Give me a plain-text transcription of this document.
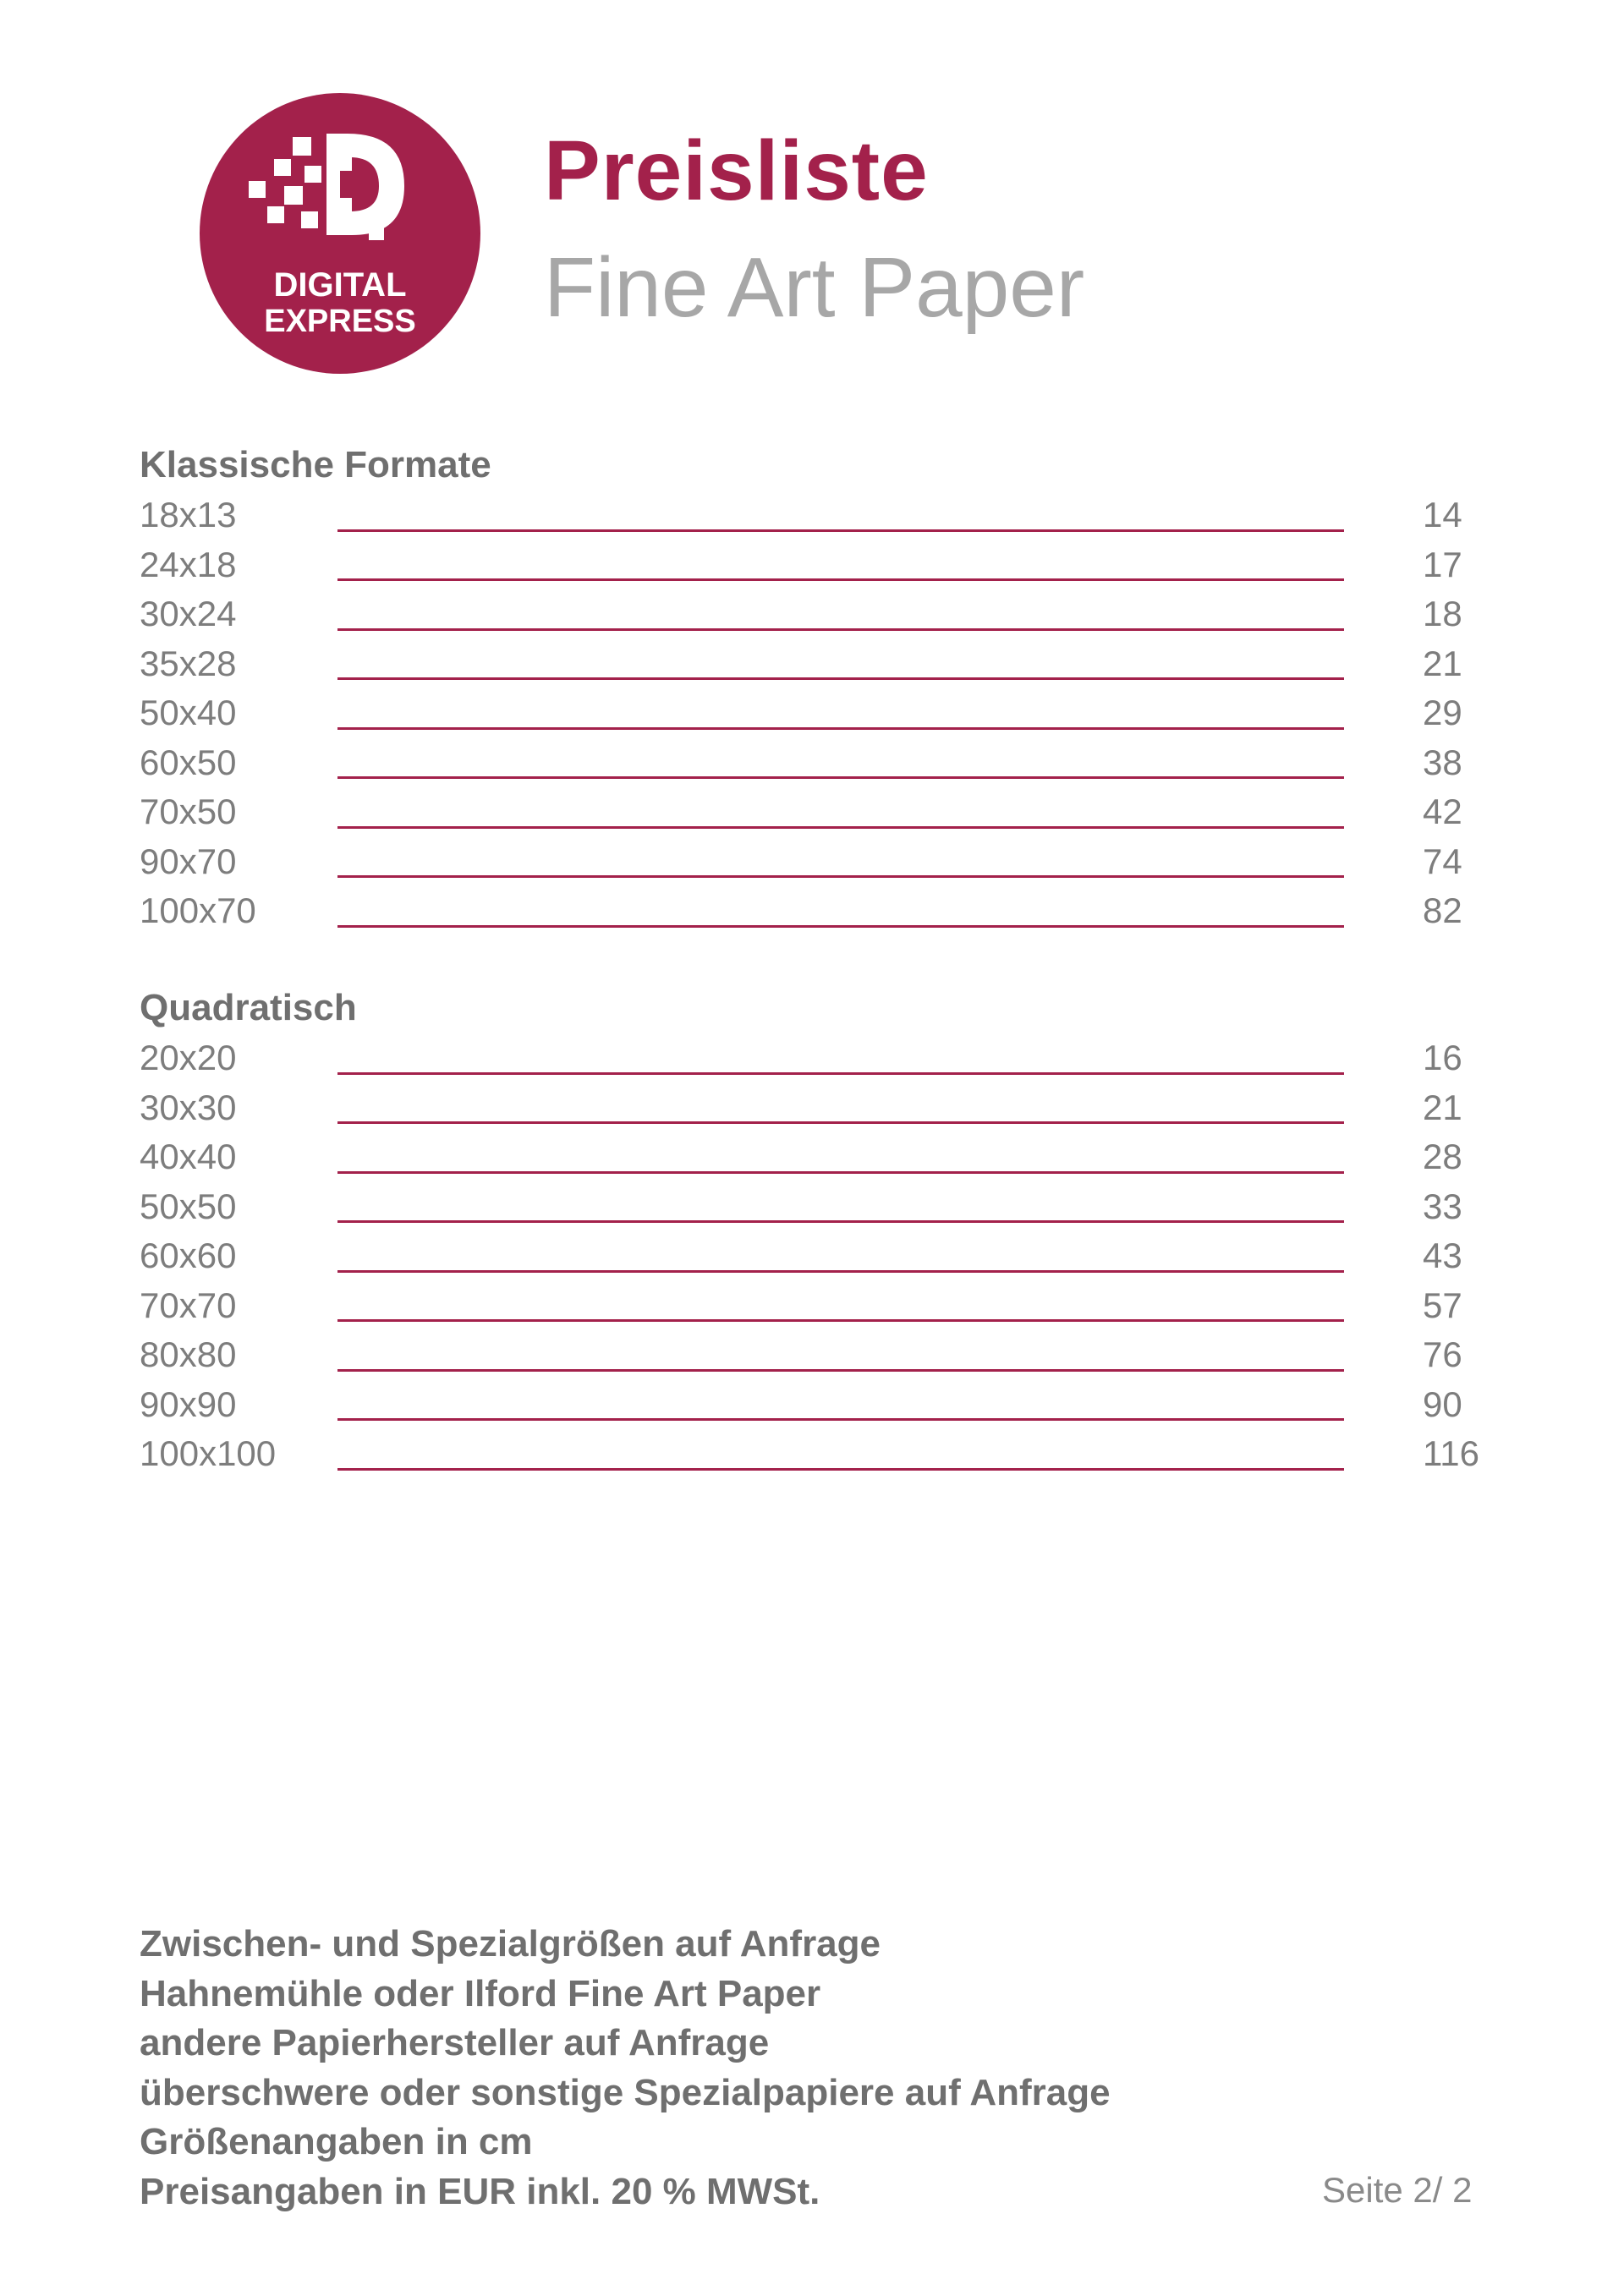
DIGITAL
EXPRESS
Preisliste
Fine Art Paper
Klassische Formate
18x13	14
24x18	17
30x24	18
35x28	21
50x40	29
60x50	38
70x50	42
90x70	74
100x70	82
Quadratisch
20x20	16
30x30	21
40x40	28
50x50	33
60x60	43
70x70	57
80x80	76
90x90	90
100x100	116
Zwischen- und Spezialgrößen auf Anfrage
Hahnemühle oder Ilford Fine Art Paper
andere Papierhersteller auf Anfrage
überschwere oder sonstige Spezialpapiere auf Anfrage
Größenangaben in cm
Preisangaben in EUR inkl. 20 % MWSt.	Seite 2/ 2
